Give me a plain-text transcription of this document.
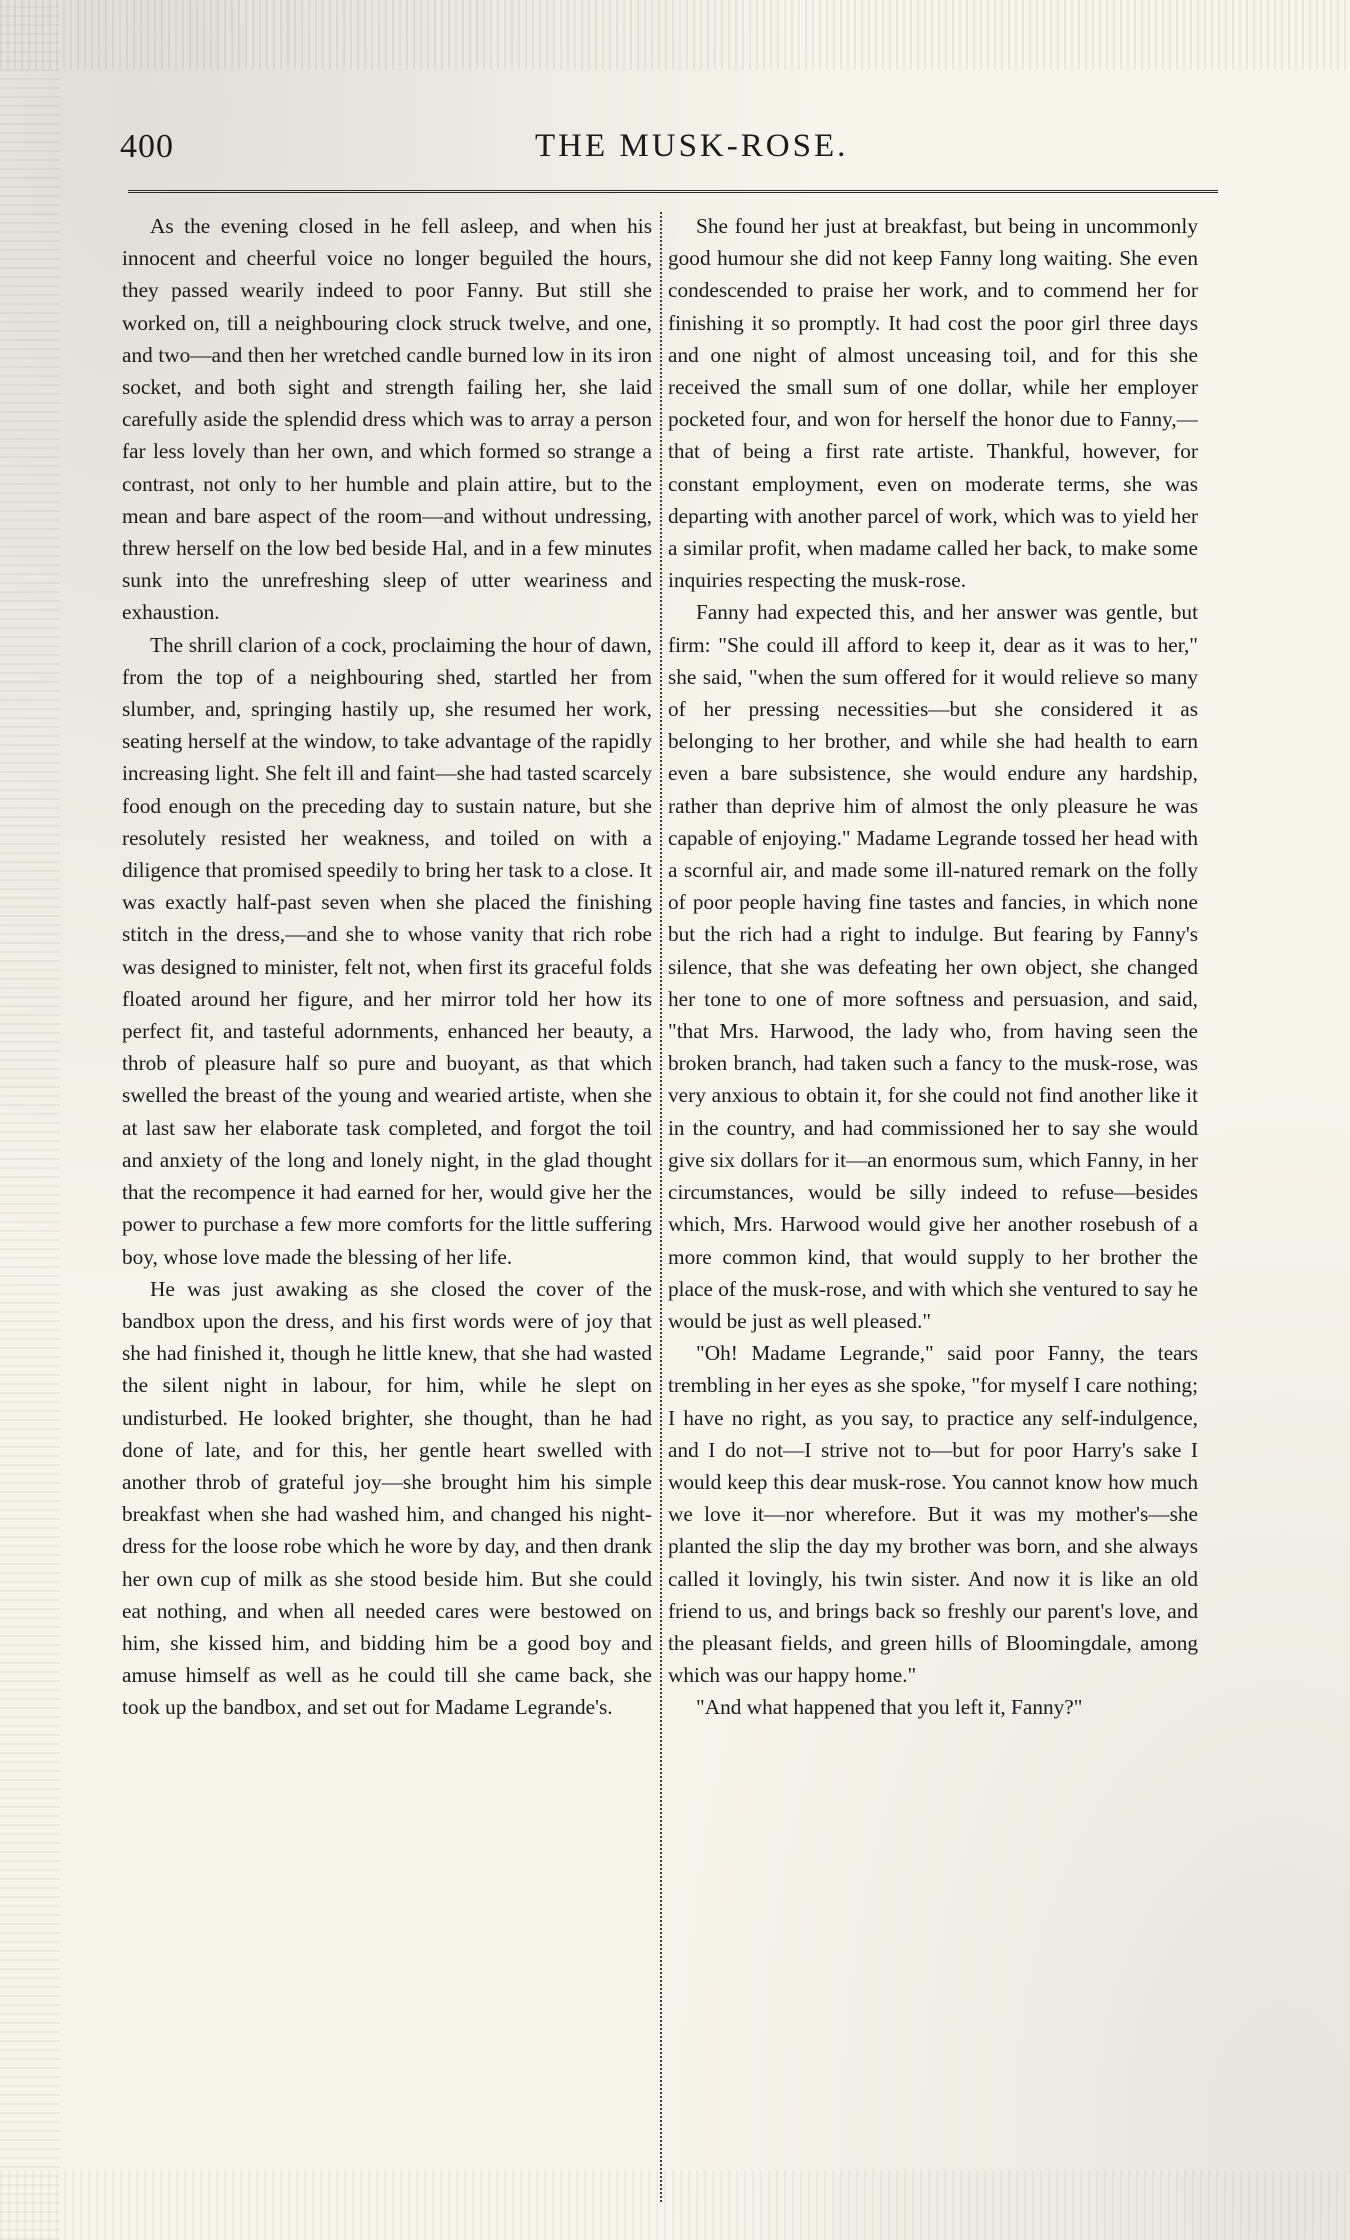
400	THE MUSK-ROSE.

As the evening closed in he fell asleep, and when his innocent and cheerful voice no longer beguiled the hours, they passed wearily indeed to poor Fanny. But still she worked on, till a neighbouring clock struck twelve, and one, and two—and then her wretched candle burned low in its iron socket, and both sight and strength failing her, she laid carefully aside the splendid dress which was to array a person far less lovely than her own, and which formed so strange a contrast, not only to her humble and plain attire, but to the mean and bare aspect of the room—and without undressing, threw herself on the low bed beside Hal, and in a few minutes sunk into the unrefreshing sleep of utter weariness and exhaustion.

The shrill clarion of a cock, proclaiming the hour of dawn, from the top of a neighbouring shed, startled her from slumber, and, springing hastily up, she resumed her work, seating herself at the window, to take advantage of the rapidly increasing light. She felt ill and faint—she had tasted scarcely food enough on the preceding day to sustain nature, but she resolutely resisted her weakness, and toiled on with a diligence that promised speedily to bring her task to a close. It was exactly half-past seven when she placed the finishing stitch in the dress,—and she to whose vanity that rich robe was designed to minister, felt not, when first its graceful folds floated around her figure, and her mirror told her how its perfect fit, and tasteful adornments, enhanced her beauty, a throb of pleasure half so pure and buoyant, as that which swelled the breast of the young and wearied artiste, when she at last saw her elaborate task completed, and forgot the toil and anxiety of the long and lonely night, in the glad thought that the recompence it had earned for her, would give her the power to purchase a few more comforts for the little suffering boy, whose love made the blessing of her life.

He was just awaking as she closed the cover of the bandbox upon the dress, and his first words were of joy that she had finished it, though he little knew, that she had wasted the silent night in labour, for him, while he slept on undisturbed. He looked brighter, she thought, than he had done of late, and for this, her gentle heart swelled with another throb of grateful joy—she brought him his simple breakfast when she had washed him, and changed his night-dress for the loose robe which he wore by day, and then drank her own cup of milk as she stood beside him. But she could eat nothing, and when all needed cares were bestowed on him, she kissed him, and bidding him be a good boy and amuse himself as well as he could till she came back, she took up the bandbox, and set out for Madame Legrande's.

She found her just at breakfast, but being in uncommonly good humour she did not keep Fanny long waiting. She even condescended to praise her work, and to commend her for finishing it so promptly. It had cost the poor girl three days and one night of almost unceasing toil, and for this she received the small sum of one dollar, while her employer pocketed four, and won for herself the honor due to Fanny,—that of being a first rate artiste. Thankful, however, for constant employment, even on moderate terms, she was departing with another parcel of work, which was to yield her a similar profit, when madame called her back, to make some inquiries respecting the musk-rose.

Fanny had expected this, and her answer was gentle, but firm: "She could ill afford to keep it, dear as it was to her," she said, "when the sum offered for it would relieve so many of her pressing necessities—but she considered it as belonging to her brother, and while she had health to earn even a bare subsistence, she would endure any hardship, rather than deprive him of almost the only pleasure he was capable of enjoying." Madame Legrande tossed her head with a scornful air, and made some ill-natured remark on the folly of poor people having fine tastes and fancies, in which none but the rich had a right to indulge. But fearing by Fanny's silence, that she was defeating her own object, she changed her tone to one of more softness and persuasion, and said, "that Mrs. Harwood, the lady who, from having seen the broken branch, had taken such a fancy to the musk-rose, was very anxious to obtain it, for she could not find another like it in the country, and had commissioned her to say she would give six dollars for it—an enormous sum, which Fanny, in her circumstances, would be silly indeed to refuse—besides which, Mrs. Harwood would give her another rosebush of a more common kind, that would supply to her brother the place of the musk-rose, and with which she ventured to say he would be just as well pleased."

"Oh! Madame Legrande," said poor Fanny, the tears trembling in her eyes as she spoke, "for myself I care nothing; I have no right, as you say, to practice any self-indulgence, and I do not—I strive not to—but for poor Harry's sake I would keep this dear musk-rose. You cannot know how much we love it—nor wherefore. But it was my mother's—she planted the slip the day my brother was born, and she always called it lovingly, his twin sister. And now it is like an old friend to us, and brings back so freshly our parent's love, and the pleasant fields, and green hills of Bloomingdale, among which was our happy home."

"And what happened that you left it, Fanny?"
